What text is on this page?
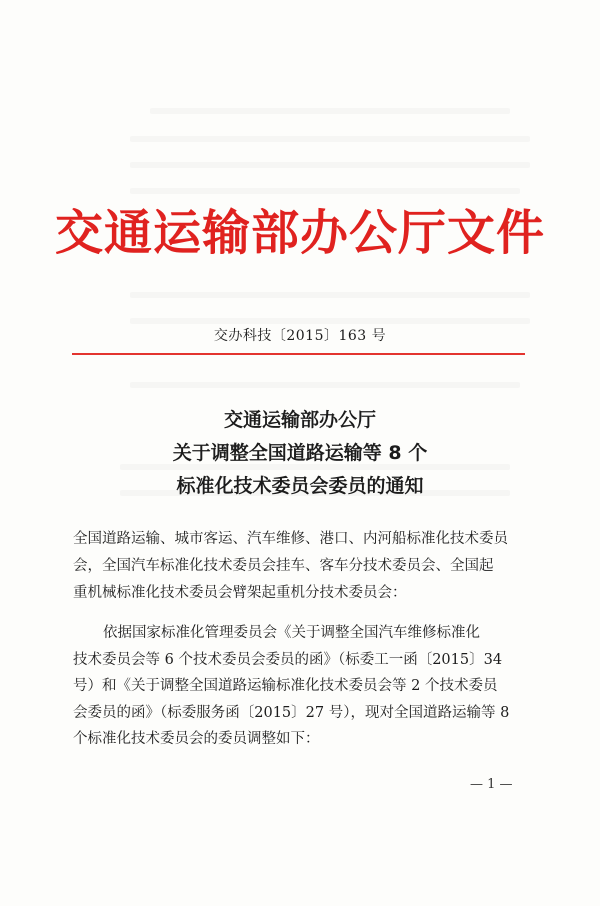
交通运输部办公厅文件
交办科技〔2015〕163 号
交通运输部办公厅
关于调整全国道路运输等 8 个
标准化技术委员会委员的通知
全国道路运输、城市客运、汽车维修、港口、内河船标准化技术委员
会，全国汽车标准化技术委员会挂车、客车分技术委员会、全国起
重机械标准化技术委员会臂架起重机分技术委员会：
依据国家标准化管理委员会《关于调整全国汽车维修标准化
技术委员会等 6 个技术委员会委员的函》（标委工一函〔2015〕34
号）和《关于调整全国道路运输标准化技术委员会等 2 个技术委员
会委员的函》（标委服务函〔2015〕27 号），现对全国道路运输等 8
个标准化技术委员会的委员调整如下：
— 1 —
